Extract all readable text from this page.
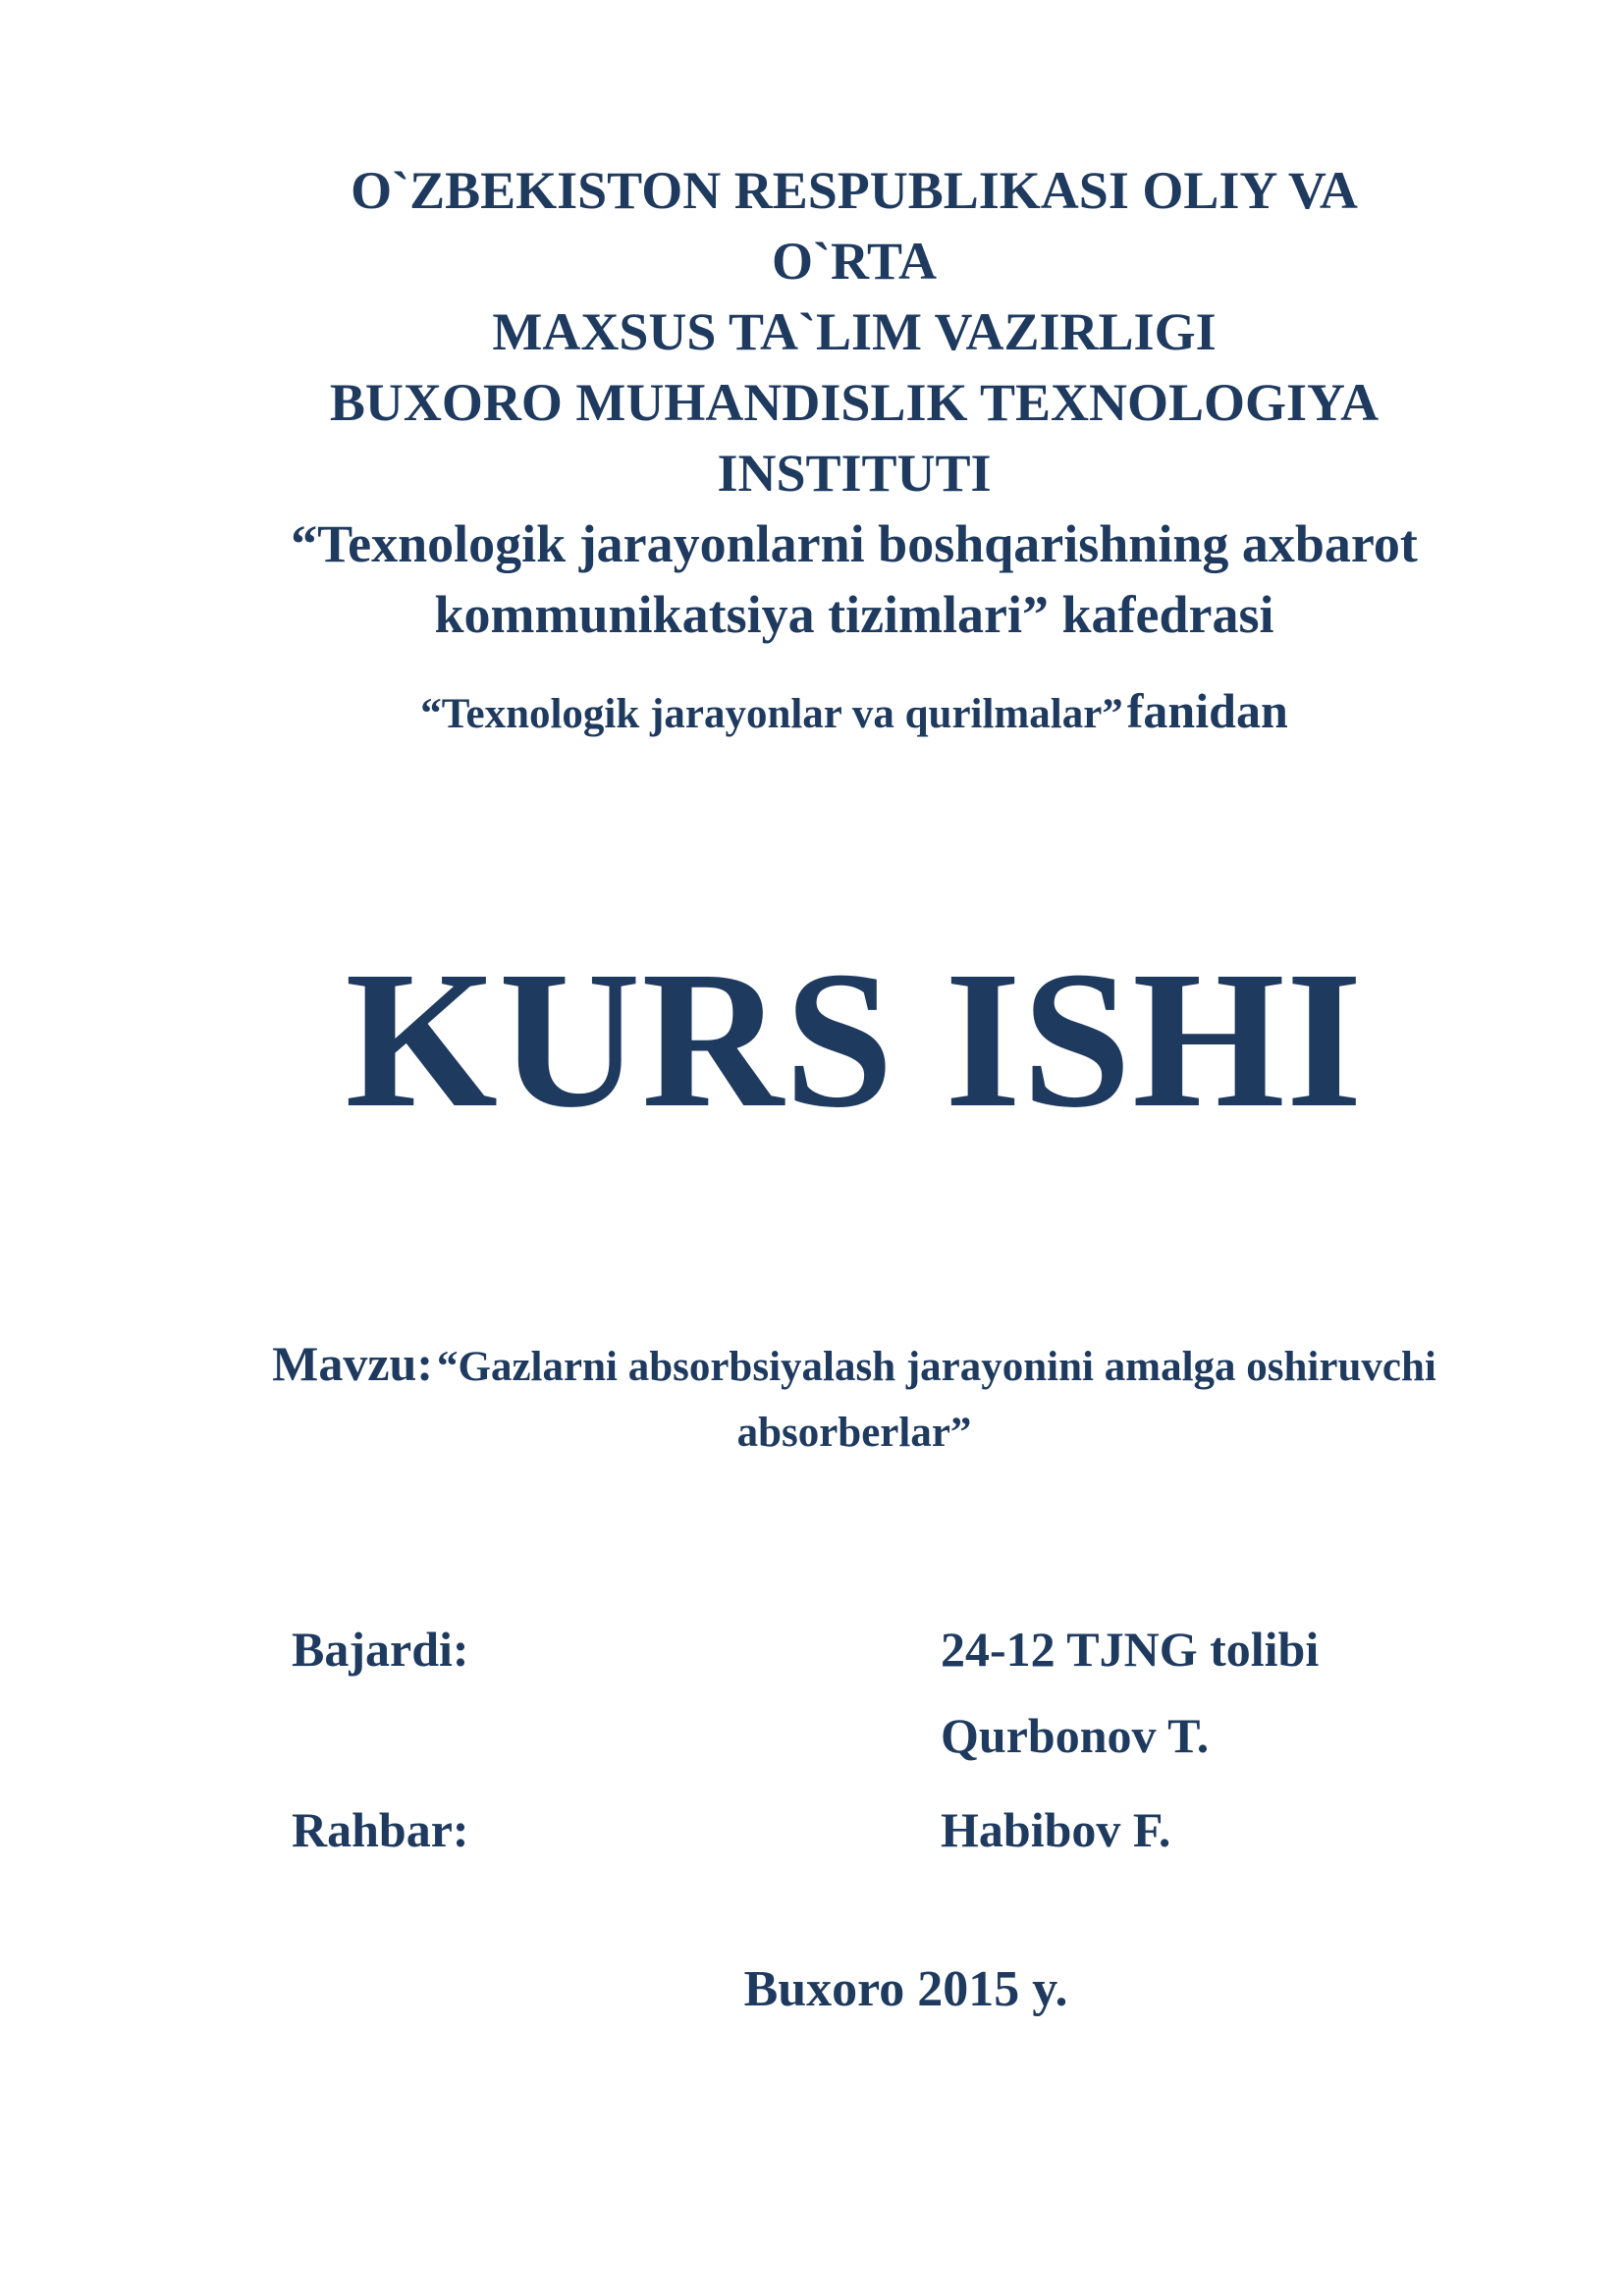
O`ZBEKISTON RESPUBLIKASI OLIY VA
O`RTA
MAXSUS TA`LIM VAZIRLIGI
BUXORO MUHANDISLIK TEXNOLOGIYA
INSTITUTI
“Texnologik jarayonlarni boshqarishning axbarot
kommunikatsiya tizimlari” kafedrasi
“Texnologik jarayonlar va qurilmalar” fanidan
KURS ISHI
Mavzu: “Gazlarni absorbsiyalash jarayonini amalga oshiruvchi
absorberlar”
Bajardi:	24-12 TJNG tolibi
Qurbonov T.
Rahbar:	Habibov F.
Buxoro 2015 y.
